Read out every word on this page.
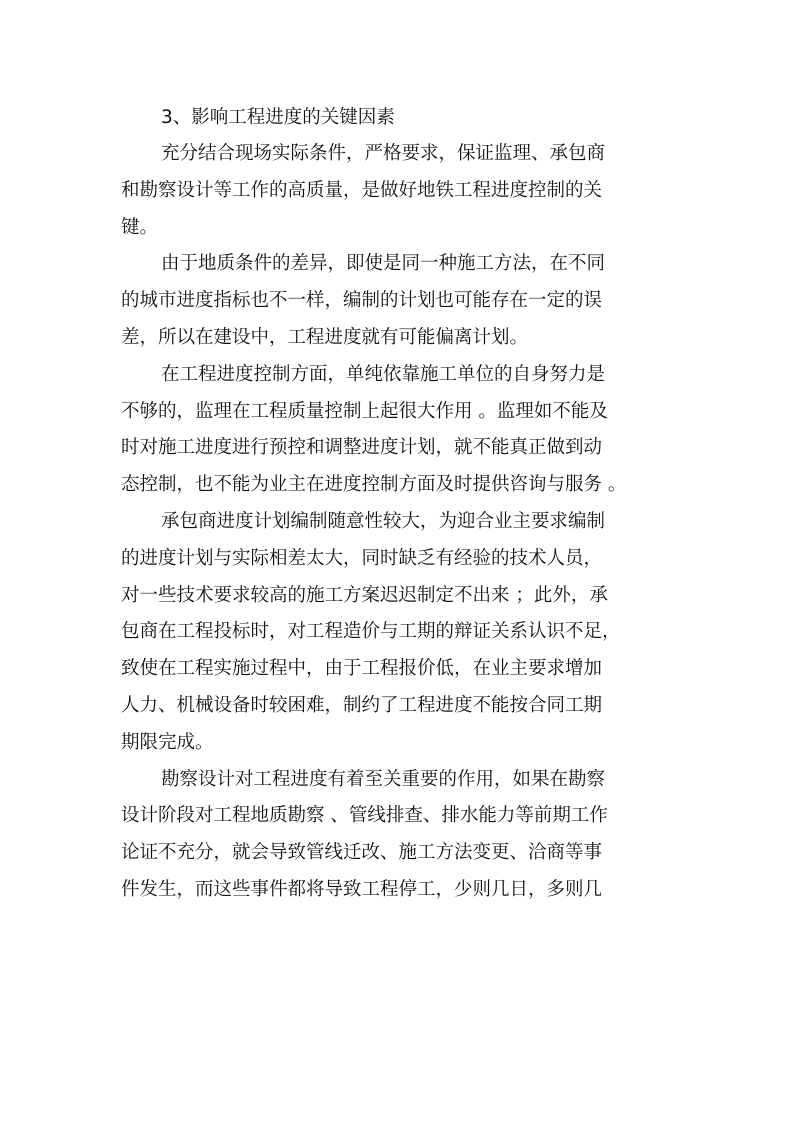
3、影响工程进度的关键因素

充分结合现场实际条件，严格要求，保证监理、承包商
和勘察设计等工作的高质量，是做好地铁工程进度控制的关
键。

由于地质条件的差异，即使是同一种施工方法，在不同
的城市进度指标也不一样，编制的计划也可能存在一定的误
差，所以在建设中，工程进度就有可能偏离计划。

在工程进度控制方面，单纯依靠施工单位的自身努力是
不够的，监理在工程质量控制上起很大作用 。监理如不能及
时对施工进度进行预控和调整进度计划，就不能真正做到动
态控制，也不能为业主在进度控制方面及时提供咨询与服务 。

承包商进度计划编制随意性较大，为迎合业主要求编制
的进度计划与实际相差太大，同时缺乏有经验的技术人员，
对一些技术要求较高的施工方案迟迟制定不出来 ；此外，承
包商在工程投标时，对工程造价与工期的辩证关系认识不足，
致使在工程实施过程中，由于工程报价低，在业主要求增加
人力、机械设备时较困难，制约了工程进度不能按合同工期
期限完成。

勘察设计对工程进度有着至关重要的作用，如果在勘察
设计阶段对工程地质勘察 、管线排查、排水能力等前期工作
论证不充分，就会导致管线迁改、施工方法变更、洽商等事
件发生，而这些事件都将导致工程停工，少则几日，多则几
